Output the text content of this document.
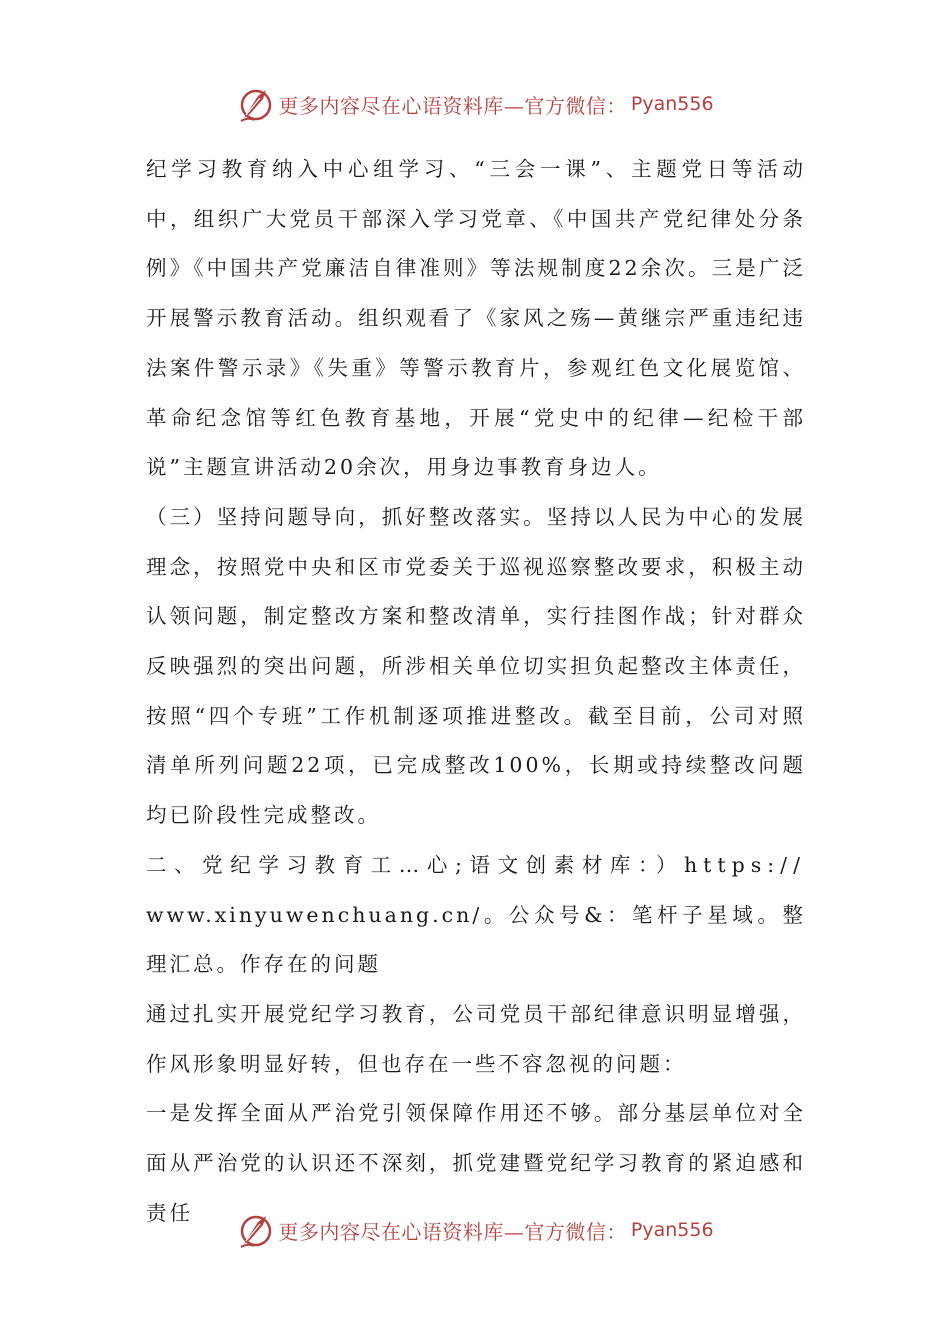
更多内容尽在心语资料库—官方微信： Pyan556

纪学习教育纳入中心组学习、“三会一课”、主题党日等活动中，组织广大党员干部深入学习党章、《中国共产党纪律处分条例》《中国共产党廉洁自律准则》等法规制度22余次。三是广泛开展警示教育活动。组织观看了《家风之殇—黄继宗严重违纪违法案件警示录》《失重》等警示教育片，参观红色文化展览馆、革命纪念馆等红色教育基地，开展“党史中的纪律—纪检干部说”主题宣讲活动20余次，用身边事教育身边人。

（三）坚持问题导向，抓好整改落实。坚持以人民为中心的发展理念，按照党中央和区市党委关于巡视巡察整改要求，积极主动认领问题，制定整改方案和整改清单，实行挂图作战；针对群众反映强烈的突出问题，所涉相关单位切实担负起整改主体责任，按照“四个专班”工作机制逐项推进整改。截至目前，公司对照清单所列问题22项，已完成整改100%，长期或持续整改问题均已阶段性完成整改。

二、党纪学习教育工…心;语文创素材库：）https://

www.xinyuwenchuang.cn/。公众号&：笔杆子星域。整理汇总。作存在的问题

通过扎实开展党纪学习教育，公司党员干部纪律意识明显增强，作风形象明显好转，但也存在一些不容忽视的问题：

一是发挥全面从严治党引领保障作用还不够。部分基层单位对全面从严治党的认识还不深刻，抓党建暨党纪学习教育的紧迫感和责任

更多内容尽在心语资料库—官方微信： Pyan556
